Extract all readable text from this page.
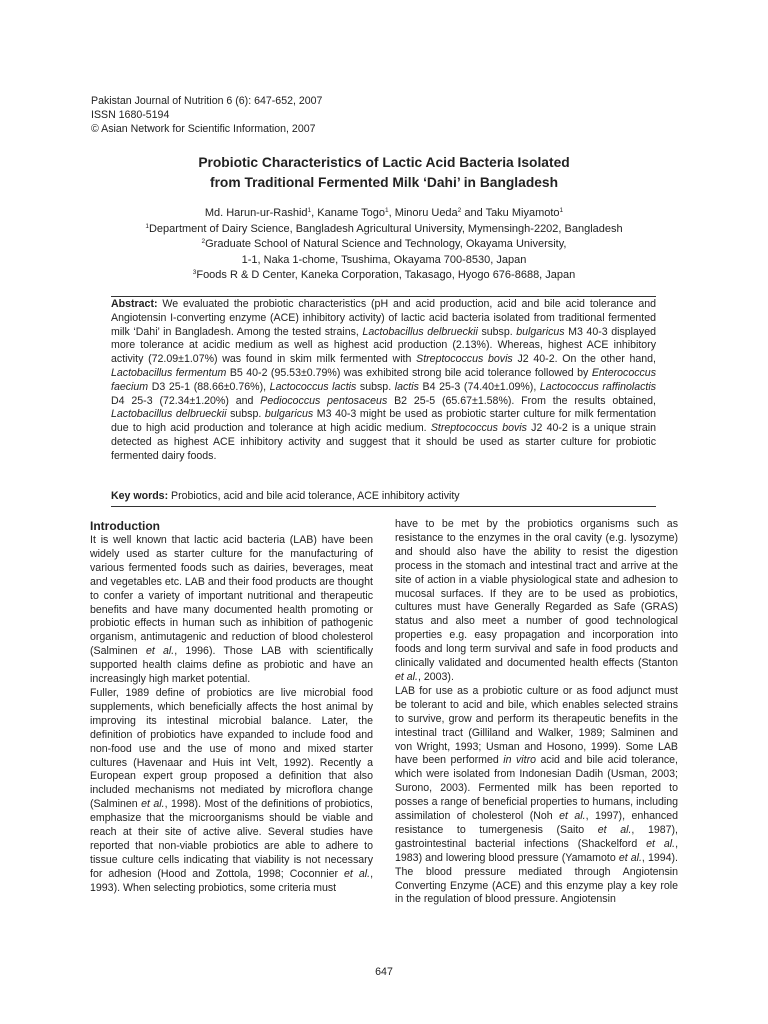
Pakistan Journal of Nutrition 6 (6): 647-652, 2007
ISSN 1680-5194
© Asian Network for Scientific Information, 2007
Probiotic Characteristics of Lactic Acid Bacteria Isolated
from Traditional Fermented Milk ‘Dahi’ in Bangladesh
Md. Harun-ur-Rashid$^1$, Kaname Togo$^1$, Minoru Ueda$^2$ and Taku Miyamoto$^1$
$^1$Department of Dairy Science, Bangladesh Agricultural University, Mymensingh-2202, Bangladesh
$^2$Graduate School of Natural Science and Technology, Okayama University,
1-1, Naka 1-chome, Tsushima, Okayama 700-8530, Japan
$^3$Foods R & D Center, Kaneka Corporation, Takasago, Hyogo 676-8688, Japan
Abstract: We evaluated the probiotic characteristics (pH and acid production, acid and bile acid tolerance and Angiotensin I-converting enzyme (ACE) inhibitory activity) of lactic acid bacteria isolated from traditional fermented milk ‘Dahi’ in Bangladesh. Among the tested strains, Lactobacillus delbrueckii subsp. bulgaricus M3 40-3 displayed more tolerance at acidic medium as well as highest acid production (2.13%). Whereas, highest ACE inhibitory activity (72.09±1.07%) was found in skim milk fermented with Streptococcus bovis J2 40-2. On the other hand, Lactobacillus fermentum B5 40-2 (95.53±0.79%) was exhibited strong bile acid tolerance followed by Enterococcus faecium D3 25-1 (88.66±0.76%), Lactococcus lactis subsp. lactis B4 25-3 (74.40±1.09%), Lactococcus raffinolactis D4 25-3 (72.34±1.20%) and Pediococcus pentosaceus B2 25-5 (65.67±1.58%). From the results obtained, Lactobacillus delbrueckii subsp. bulgaricus M3 40-3 might be used as probiotic starter culture for milk fermentation due to high acid production and tolerance at high acidic medium. Streptococcus bovis J2 40-2 is a unique strain detected as highest ACE inhibitory activity and suggest that it should be used as starter culture for probiotic fermented dairy foods.
Key words: Probiotics, acid and bile acid tolerance, ACE inhibitory activity
Introduction

It is well known that lactic acid bacteria (LAB) have been widely used as starter culture for the manufacturing of various fermented foods such as dairies, beverages, meat and vegetables etc. LAB and their food products are thought to confer a variety of important nutritional and therapeutic benefits and have many documented health promoting or probiotic effects in human such as inhibition of pathogenic organism, antimutagenic and reduction of blood cholesterol (Salminen et al., 1996). Those LAB with scientifically supported health claims define as probiotic and have an increasingly high market potential.

Fuller, 1989 define of probiotics are live microbial food supplements, which beneficially affects the host animal by improving its intestinal microbial balance. Later, the definition of probiotics have expanded to include food and non-food use and the use of mono and mixed starter cultures (Havenaar and Huis int Velt, 1992). Recently a European expert group proposed a definition that also included mechanisms not mediated by microflora change (Salminen et al., 1998). Most of the definitions of probiotics, emphasize that the microorganisms should be viable and reach at their site of active alive. Several studies have reported that non-viable probiotics are able to adhere to tissue culture cells indicating that viability is not necessary for adhesion (Hood and Zottola, 1998; Coconnier et al., 1993). When selecting probiotics, some criteria must

have to be met by the probiotics organisms such as resistance to the enzymes in the oral cavity (e.g. lysozyme) and should also have the ability to resist the digestion process in the stomach and intestinal tract and arrive at the site of action in a viable physiological state and adhesion to mucosal surfaces. If they are to be used as probiotics, cultures must have Generally Regarded as Safe (GRAS) status and also meet a number of good technological properties e.g. easy propagation and incorporation into foods and long term survival and safe in food products and clinically validated and documented health effects (Stanton et al., 2003).

LAB for use as a probiotic culture or as food adjunct must be tolerant to acid and bile, which enables selected strains to survive, grow and perform its therapeutic benefits in the intestinal tract (Gilliland and Walker, 1989; Salminen and von Wright, 1993; Usman and Hosono, 1999). Some LAB have been performed in vitro acid and bile acid tolerance, which were isolated from Indonesian Dadih (Usman, 2003; Surono, 2003). Fermented milk has been reported to posses a range of beneficial properties to humans, including assimilation of cholesterol (Noh et al., 1997), enhanced resistance to tumergenesis (Saito et al., 1987), gastrointestinal bacterial infections (Shackelford et al., 1983) and lowering blood pressure (Yamamoto et al., 1994). The blood pressure mediated through Angiotensin Converting Enzyme (ACE) and this enzyme play a key role in the regulation of blood pressure. Angiotensin

647
